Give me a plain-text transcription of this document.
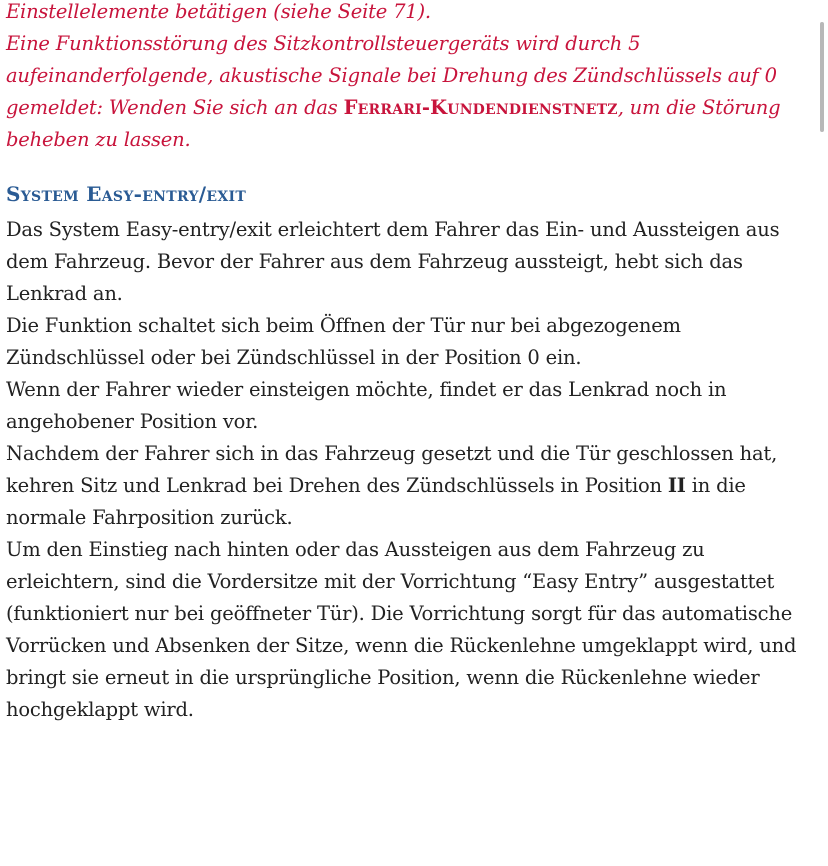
Einstellelemente betätigen (siehe Seite 71).
Eine Funktionsstörung des Sitzkontrollsteuergeräts wird durch 5 aufeinanderfolgende, akustische Signale bei Drehung des Zündschlüssels auf 0 gemeldet: Wenden Sie sich an das Ferrari-Kundendienstnetz, um die Störung beheben zu lassen.

System Easy-entry/exit

Das System Easy-entry/exit erleichtert dem Fahrer das Ein- und Aussteigen aus dem Fahrzeug. Bevor der Fahrer aus dem Fahrzeug aussteigt, hebt sich das Lenkrad an.

Die Funktion schaltet sich beim Öffnen der Tür nur bei abgezogenem Zündschlüssel oder bei Zündschlüssel in der Position 0 ein.

Wenn der Fahrer wieder einsteigen möchte, findet er das Lenkrad noch in angehobener Position vor.

Nachdem der Fahrer sich in das Fahrzeug gesetzt und die Tür geschlossen hat, kehren Sitz und Lenkrad bei Drehen des Zündschlüssels in Position II in die normale Fahrposition zurück.

Um den Einstieg nach hinten oder das Aussteigen aus dem Fahrzeug zu erleichtern, sind die Vordersitze mit der Vorrichtung “Easy Entry” ausgestattet (funktioniert nur bei geöffneter Tür). Die Vorrichtung sorgt für das automatische Vorrücken und Absenken der Sitze, wenn die Rückenlehne umgeklappt wird, und bringt sie erneut in die ursprüngliche Position, wenn die Rückenlehne wieder hochgeklappt wird.
